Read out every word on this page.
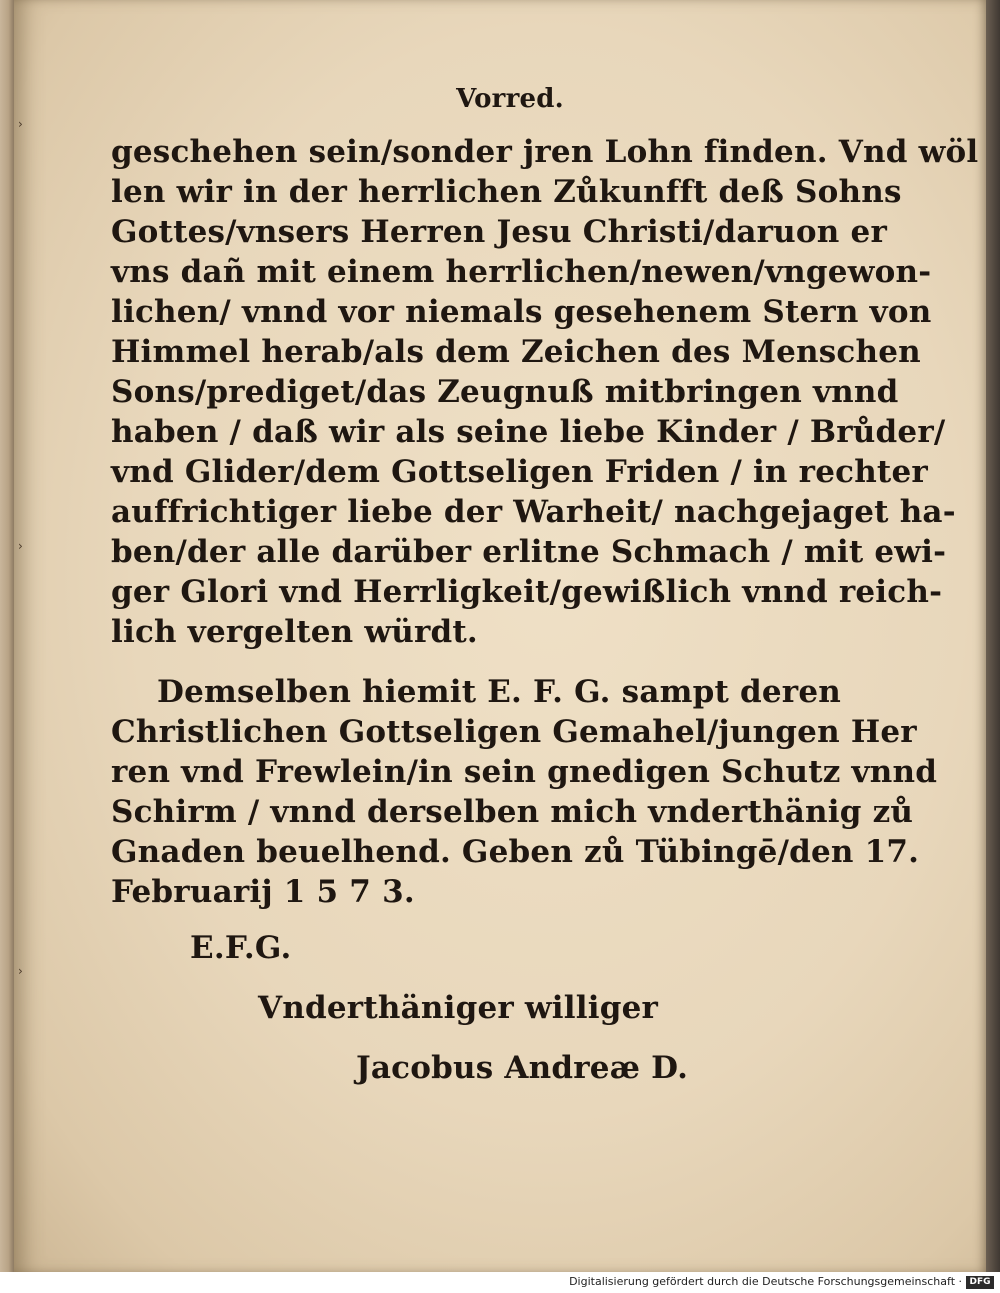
›
›
›
Vorred.
geschehen sein/sonder jren Lohn finden. Vnd wöl
len wir in der herrlichen Zůkunfft deß Sohns
Gottes/vnsers Herren Jesu Christi/daruon er
vns dañ mit einem herrlichen/newen/vngewon-
lichen/ vnnd vor niemals gesehenem Stern von
Himmel herab/als dem Zeichen des Menschen
Sons/prediget/das Zeugnuß mitbringen vnnd
haben / daß wir als seine liebe Kinder / Brůder/
vnd Glider/dem Gottseligen Friden / in rechter
auffrichtiger liebe der Warheit/ nachgejaget ha-
ben/der alle darüber erlitne Schmach / mit ewi-
ger Glori vnd Herrligkeit/gewißlich vnnd reich-
lich vergelten würdt.
Demselben hiemit E. F. G. sampt deren
Christlichen Gottseligen Gemahel/jungen Her
ren vnd Frewlein/in sein gnedigen Schutz vnnd
Schirm / vnnd derselben mich vnderthänig zů
Gnaden beuelhend. Geben zů Tübingē/den 17.
Februarij 1 5 7 3.
E.F.G.
Vnderthäniger williger
Jacobus Andreæ D.
Digitalisierung gefördert durch die Deutsche Forschungsgemeinschaft · DFG
